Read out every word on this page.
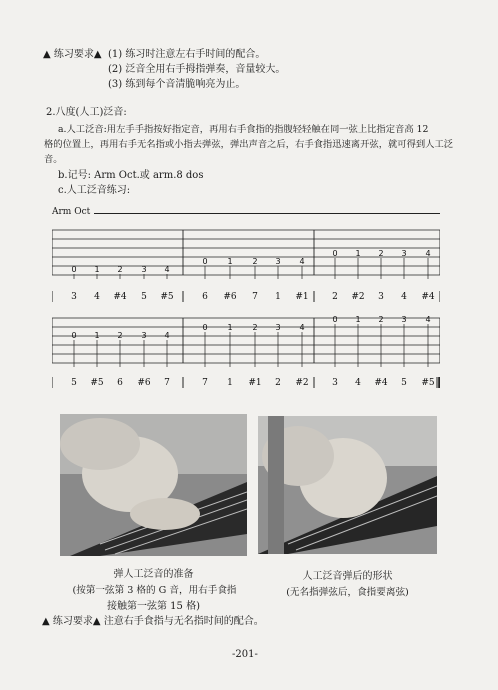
▲ 练习要求▲ (1) 练习时注意左右手时间的配合。
(2) 泛音全用右手拇指弹奏，音量较大。
(3) 练到每个音清脆响亮为止。
2.八度(人工)泛音:
a.人工泛音:用左手手指按好指定音，再用右手食指的指腹轻轻触在同一弦上比指定音高 12
格的位置上，再用右手无名指或小指去弹弦，弹出声音之后，右手食指迅速离开弦，就可得到人工泛
音。
b.记号: Arm Oct.或 arm.8 dos
c.人工泛音练习:
Arm Oct
0 1 2 3 4
0 1 2 3 4
0 1 2 3 4
3 4 #4 5 #5	6 #6 7 1 #1	2 #2 3 4 #4
0 1 2 3 4
0 1 2 3 4
0 1 2 3 4
5 #5 6 #6 7	7 1 #1 2 #2	3 4 #4 5 #5
弹人工泛音的准备
(按第一弦第 3 格的 G 音，用右手食指
接触第一弦第 15 格)
人工泛音弹后的形状
(无名指弹弦后，食指要离弦)
▲ 练习要求▲ 注意右手食指与无名指时间的配合。
-201-
